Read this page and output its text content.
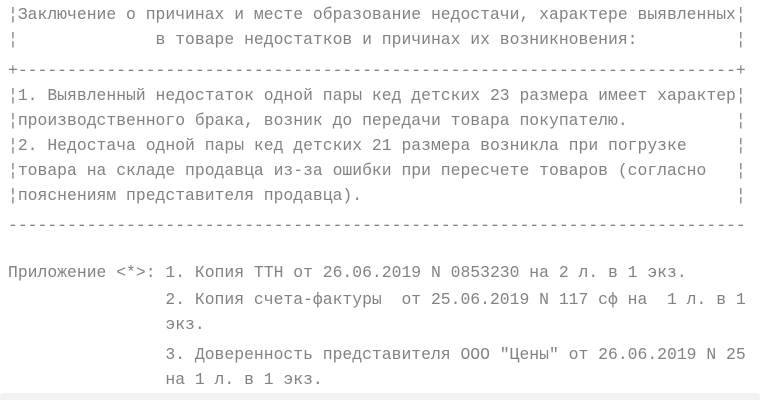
¦Заключение о причинах и месте образование недостачи, характере выявленных¦
¦              в товаре недостатков и причинах их возникновения:          ¦
+-------------------------------------------------------------------------+
¦1. Выявленный недостаток одной пары кед детских 23 размера имеет характер¦
¦производственного брака, возник до передачи товара покупателю.           ¦
¦2. Недостача одной пары кед детских 21 размера возникла при погрузке     ¦
¦товара на складе продавца из-за ошибки при пересчете товаров (согласно   ¦
¦пояснениям представителя продавца).                                      ¦
---------------------------------------------------------------------------
Приложение <*>: 1. Копия ТТН от 26.06.2019 N 0853230 на 2 л. в 1 экз.
2. Копия счета-фактуры  от 25.06.2019 N 117 сф на  1 л. в 1
экз.
3. Доверенность представителя ООО "Цены" от 26.06.2019 N 25
на 1 л. в 1 экз.
